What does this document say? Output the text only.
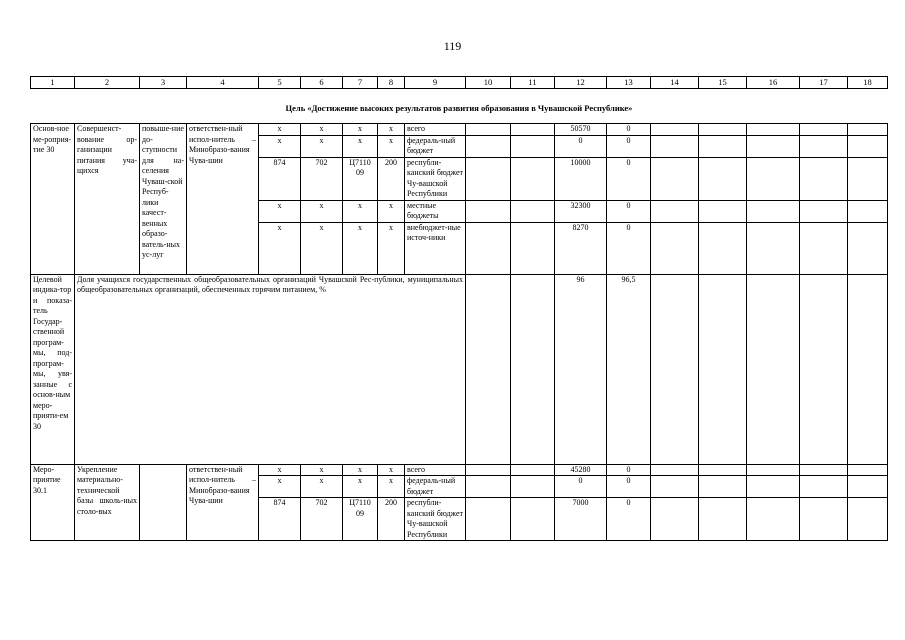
119
1	2	3	4	5	6	7	8	9	10	11	12	13	14	15	16	17	18
Цель «Достижение высоких результатов развития образования в Чувашской Республике»																	
Основ-ное ме-роприя-тие 30	Совершенст-вование ор-ганизации питания уча-щихся	повыше-ние до-ступности для на-селения Чуваш-ской Респуб-лики качест-венных образо-ватель-ных ус-луг	ответствен-ный испол-нитель – Минобразо-вания Чува-шии	x	x	x	x	всего			50570	0					
				x	x	x	x	федераль-ный бюджет			0	0					
				874	702	Ц7110 09	200	республи-канский бюджет Чу-вашской Республики			10000	0					
				x	x	x	x	местные бюджеты			32300	0					
				x	x	x	x	внебюджет-ные источ-ники			8270	0					
Целевой индика-тор и показа-тель Государ-ственной програм-мы, под-програм-мы, увя-занные с основ-ным меро-прияти-ем 30	Доля учащихся государственных общеобразовательных организаций Чувашской Рес-публики, муниципальных общеобразовательных организаций, обеспеченных горячим питанием, %										96	96,5					
Меро-приятие 30.1	Укрепление материально-технической базы школь-ных столо-вых		ответствен-ный испол-нитель – Минобразо-вания Чува-шии	x	x	x	x	всего			45280	0					
				x	x	x	x	федераль-ный бюджет			0	0					
				874	702	Ц7110 09	200	республи-канский бюджет Чу-вашской Республики			7000	0					
